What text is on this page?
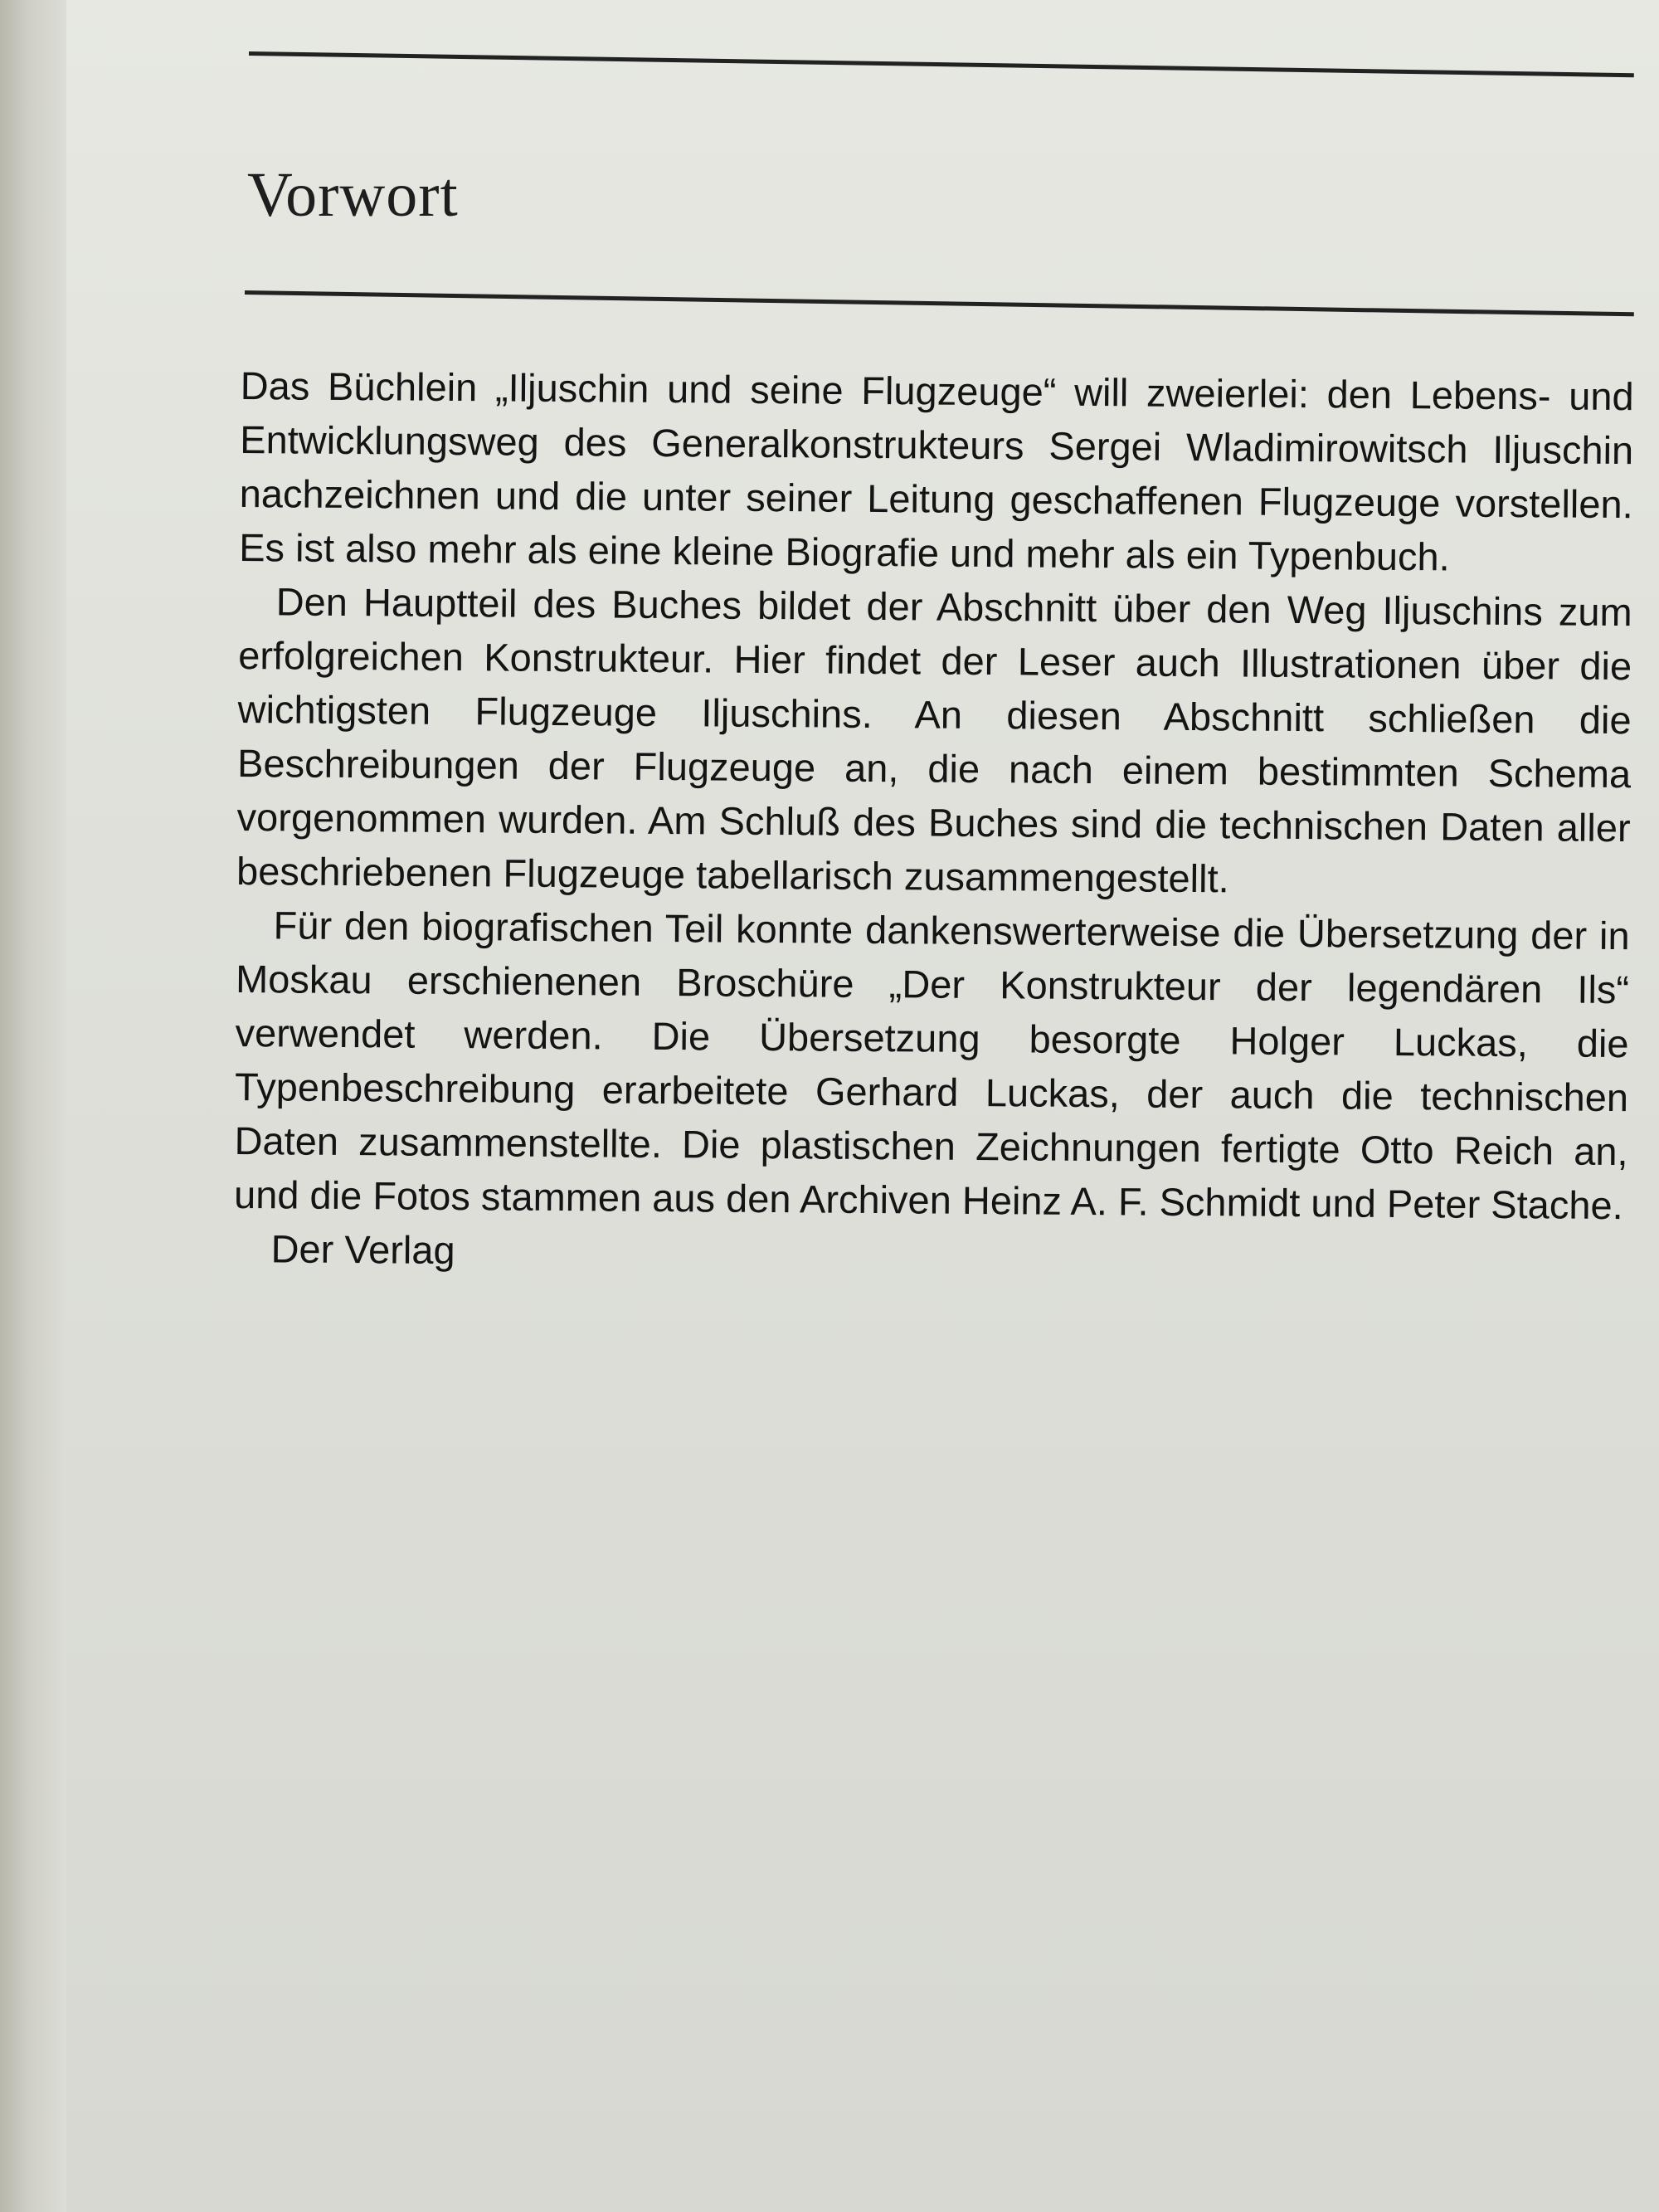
Vorwort

Das Büchlein „Iljuschin und seine Flugzeuge“ will zweierlei: den Lebens- und Entwicklungsweg des Generalkonstrukteurs Sergei Wladimirowitsch Iljuschin nachzeichnen und die unter seiner Leitung geschaffenen Flugzeuge vorstellen. Es ist also mehr als eine kleine Biografie und mehr als ein Typenbuch.

Den Hauptteil des Buches bildet der Abschnitt über den Weg Iljuschins zum erfolgreichen Konstrukteur. Hier findet der Leser auch Illustrationen über die wichtigsten Flugzeuge Iljuschins. An diesen Abschnitt schließen die Beschreibungen der Flugzeuge an, die nach einem bestimmten Schema vorgenommen wurden. Am Schluß des Buches sind die technischen Daten aller beschriebenen Flugzeuge tabellarisch zusammengestellt.

Für den biografischen Teil konnte dankenswerterweise die Übersetzung der in Moskau erschienenen Broschüre „Der Konstrukteur der legendären Ils“ verwendet werden. Die Übersetzung besorgte Holger Luckas, die Typenbeschreibung erarbeitete Gerhard Luckas, der auch die technischen Daten zusammenstellte. Die plastischen Zeichnungen fertigte Otto Reich an, und die Fotos stammen aus den Archiven Heinz A. F. Schmidt und Peter Stache.

Der Verlag
